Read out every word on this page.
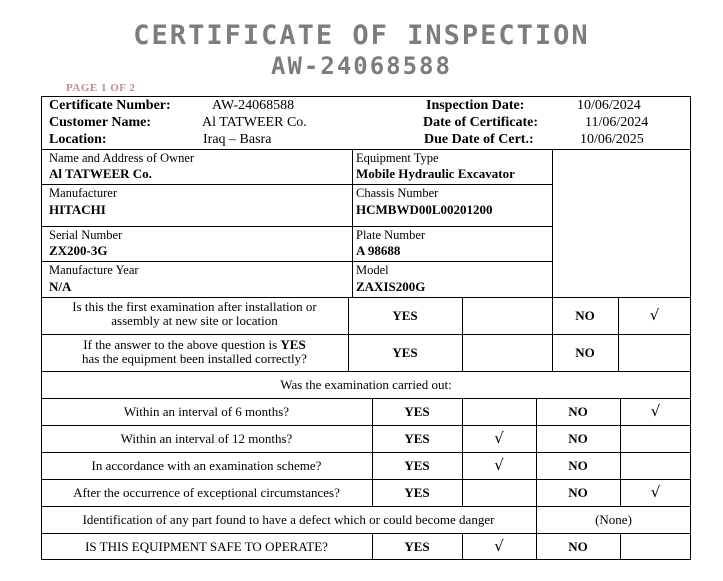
CERTIFICATE OF INSPECTION
AW-24068588
PAGE 1 OF 2
Certificate Number:	AW-24068588
Customer Name:	Al TATWEER Co.
Location:	Iraq – Basra
Inspection Date:	10/06/2024
Date of Certificate:	11/06/2024
Due Date of Cert.:	10/06/2025
Name and Address of Owner
Al TATWEER Co.
Equipment Type
Mobile Hydraulic Excavator
Manufacturer
HITACHI
Chassis Number
HCMBWD00L00201200
Serial Number
ZX200-3G
Plate Number
A 98688
Manufacture Year
N/A
Model
ZAXIS200G
Is this the first examination after installation or
assembly at new site or location	YES	NO	√
If the answer to the above question is YES
has the equipment been installed correctly?	YES	NO
Was the examination carried out:
Within an interval of 6 months?	YES	NO	√
Within an interval of 12 months?	YES	√	NO
In accordance with an examination scheme?	YES	√	NO
After the occurrence of exceptional circumstances?	YES	NO	√
Identification of any part found to have a defect which or could become danger	(None)
IS THIS EQUIPMENT SAFE TO OPERATE?	YES	√	NO
